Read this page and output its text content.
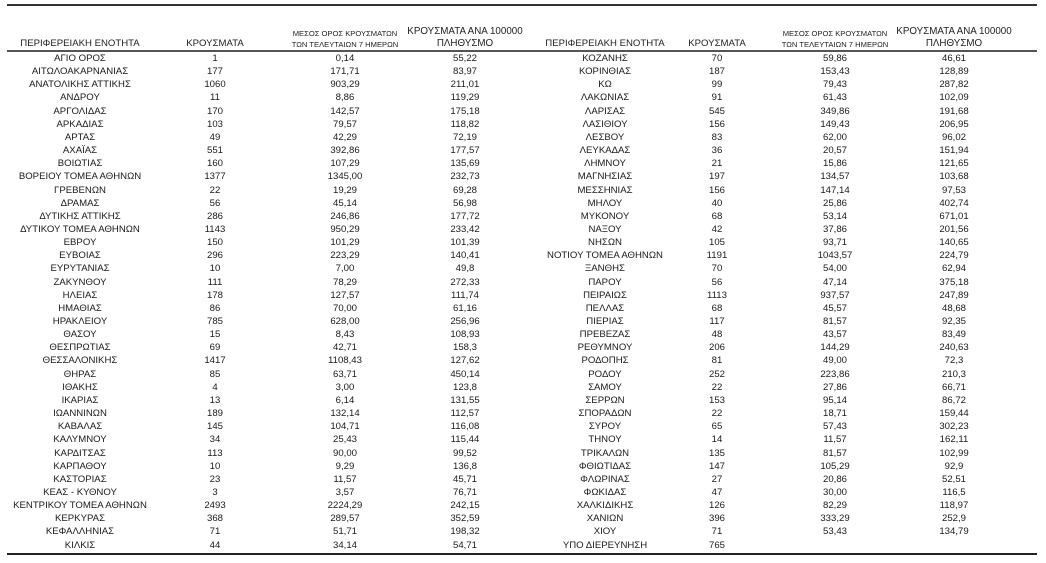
ΠΕΡΙΦΕΡΕΙΑΚΗ ΕΝΟΤΗΤΑ	ΚΡΟΥΣΜΑΤΑ
ΜΕΣΟΣ ΟΡΟΣ ΚΡΟΥΣΜΑΤΩΝ
ΤΩΝ ΤΕΛΕΥΤΑΙΩΝ 7 ΗΜΕΡΩΝ
ΚΡΟΥΣΜΑΤΑ ΑΝΑ 100000
ΠΛΗΘΥΣΜΟ	ΠΕΡΙΦΕΡΕΙΑΚΗ ΕΝΟΤΗΤΑ	ΚΡΟΥΣΜΑΤΑ
ΜΕΣΟΣ ΟΡΟΣ ΚΡΟΥΣΜΑΤΩΝ
ΤΩΝ ΤΕΛΕΥΤΑΙΩΝ 7 ΗΜΕΡΩΝ
ΚΡΟΥΣΜΑΤΑ ΑΝΑ 100000
ΠΛΗΘΥΣΜΟ
ΑΓΙΟ ΟΡΟΣ	1	0,14	55,22
ΑΙΤΩΛΟΑΚΑΡΝΑΝΙΑΣ	177	171,71	83,97
ΑΝΑΤΟΛΙΚΗΣ ΑΤΤΙΚΗΣ	1060	903,29	211,01
ΑΝΔΡΟΥ	11	8,86	119,29
ΑΡΓΟΛΙΔΑΣ	170	142,57	175,18
ΑΡΚΑΔΙΑΣ	103	79,57	118,82
ΑΡΤΑΣ	49	42,29	72,19
ΑΧΑΪΑΣ	551	392,86	177,57
ΒΟΙΩΤΙΑΣ	160	107,29	135,69
ΒΟΡΕΙΟΥ ΤΟΜΕΑ ΑΘΗΝΩΝ	1377	1345,00	232,73
ΓΡΕΒΕΝΩΝ	22	19,29	69,28
ΔΡΑΜΑΣ	56	45,14	56,98
ΔΥΤΙΚΗΣ ΑΤΤΙΚΗΣ	286	246,86	177,72
ΔΥΤΙΚΟΥ ΤΟΜΕΑ ΑΘΗΝΩΝ	1143	950,29	233,42
ΕΒΡΟΥ	150	101,29	101,39
ΕΥΒΟΙΑΣ	296	223,29	140,41
ΕΥΡΥΤΑΝΙΑΣ	10	7,00	49,8
ΖΑΚΥΝΘΟΥ	111	78,29	272,33
ΗΛΕΙΑΣ	178	127,57	111,74
ΗΜΑΘΙΑΣ	86	70,00	61,16
ΗΡΑΚΛΕΙΟΥ	785	628,00	256,96
ΘΑΣΟΥ	15	8,43	108,93
ΘΕΣΠΡΩΤΙΑΣ	69	42,71	158,3
ΘΕΣΣΑΛΟΝΙΚΗΣ	1417	1108,43	127,62
ΘΗΡΑΣ	85	63,71	450,14
ΙΘΑΚΗΣ	4	3,00	123,8
ΙΚΑΡΙΑΣ	13	6,14	131,55
ΙΩΑΝΝΙΝΩΝ	189	132,14	112,57
ΚΑΒΑΛΑΣ	145	104,71	116,08
ΚΑΛΥΜΝΟΥ	34	25,43	115,44
ΚΑΡΔΙΤΣΑΣ	113	90,00	99,52
ΚΑΡΠΑΘΟΥ	10	9,29	136,8
ΚΑΣΤΟΡΙΑΣ	23	11,57	45,71
ΚΕΑΣ - ΚΥΘΝΟΥ	3	3,57	76,71
ΚΕΝΤΡΙΚΟΥ ΤΟΜΕΑ ΑΘΗΝΩΝ	2493	2224,29	242,15
ΚΕΡΚΥΡΑΣ	368	289,57	352,59
ΚΕΦΑΛΛΗΝΙΑΣ	71	51,71	198,32
ΚΙΛΚΙΣ	44	34,14	54,71
ΚΟΖΑΝΗΣ	70	59,86	46,61
ΚΟΡΙΝΘΙΑΣ	187	153,43	128,89
ΚΩ	99	79,43	287,82
ΛΑΚΩΝΙΑΣ	91	61,43	102,09
ΛΑΡΙΣΑΣ	545	349,86	191,68
ΛΑΣΙΘΙΟΥ	156	149,43	206,95
ΛΕΣΒΟΥ	83	62,00	96,02
ΛΕΥΚΑΔΑΣ	36	20,57	151,94
ΛΗΜΝΟΥ	21	15,86	121,65
ΜΑΓΝΗΣΙΑΣ	197	134,57	103,68
ΜΕΣΣΗΝΙΑΣ	156	147,14	97,53
ΜΗΛΟΥ	40	25,86	402,74
ΜΥΚΟΝΟΥ	68	53,14	671,01
ΝΑΞΟΥ	42	37,86	201,56
ΝΗΣΩΝ	105	93,71	140,65
ΝΟΤΙΟΥ ΤΟΜΕΑ ΑΘΗΝΩΝ	1191	1043,57	224,79
ΞΑΝΘΗΣ	70	54,00	62,94
ΠΑΡΟΥ	56	47,14	375,18
ΠΕΙΡΑΙΩΣ	1113	937,57	247,89
ΠΕΛΛΑΣ	68	45,57	48,68
ΠΙΕΡΙΑΣ	117	81,57	92,35
ΠΡΕΒΕΖΑΣ	48	43,57	83,49
ΡΕΘΥΜΝΟΥ	206	144,29	240,63
ΡΟΔΟΠΗΣ	81	49,00	72,3
ΡΟΔΟΥ	252	223,86	210,3
ΣΑΜΟΥ	22	27,86	66,71
ΣΕΡΡΩΝ	153	95,14	86,72
ΣΠΟΡΑΔΩΝ	22	18,71	159,44
ΣΥΡΟΥ	65	57,43	302,23
ΤΗΝΟΥ	14	11,57	162,11
ΤΡΙΚΑΛΩΝ	135	81,57	102,99
ΦΘΙΩΤΙΔΑΣ	147	105,29	92,9
ΦΛΩΡΙΝΑΣ	27	20,86	52,51
ΦΩΚΙΔΑΣ	47	30,00	116,5
ΧΑΛΚΙΔΙΚΗΣ	126	82,29	118,97
ΧΑΝΙΩΝ	396	333,29	252,9
ΧΙΟΥ	71	53,43	134,79
ΥΠΟ ΔΙΕΡΕΥΝΗΣΗ	765
